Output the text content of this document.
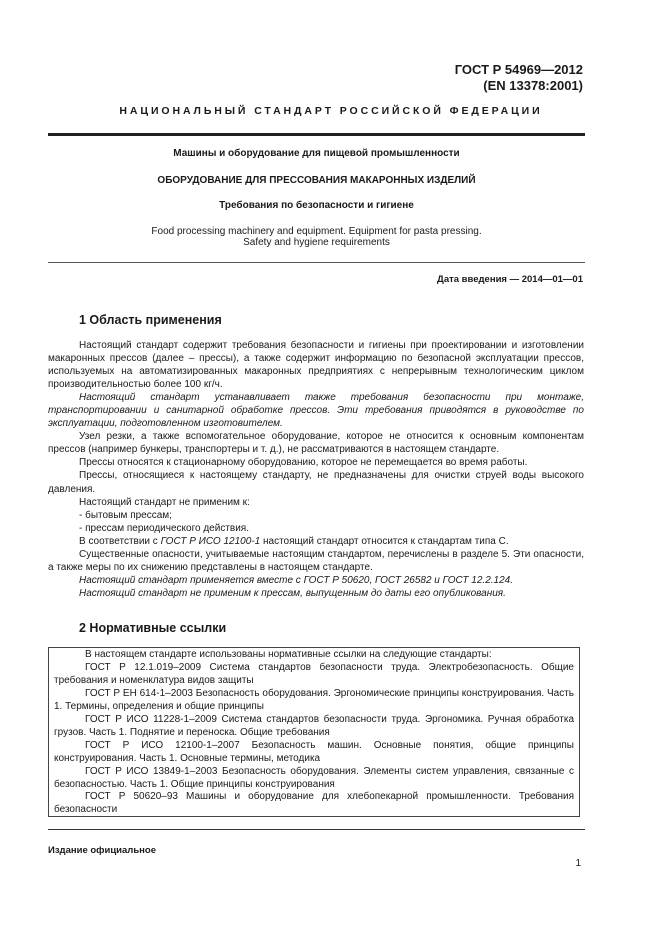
ГОСТ Р 54969—2012
(EN 13378:2001)
НАЦИОНАЛЬНЫЙ СТАНДАРТ РОССИЙСКОЙ ФЕДЕРАЦИИ
Машины и оборудование для пищевой промышленности
ОБОРУДОВАНИЕ ДЛЯ ПРЕССОВАНИЯ МАКАРОННЫХ ИЗДЕЛИЙ
Требования по безопасности и гигиене
Food processing machinery and equipment. Equipment for pasta pressing.
Safety and hygiene requirements
Дата введения — 2014—01—01
1 Область применения

Настоящий стандарт содержит требования безопасности и гигиены при проектировании и изготовлении макаронных прессов (далее – прессы), а также содержит информацию по безопасной эксплуатации прессов, используемых на автоматизированных макаронных предприятиях с непрерывным технологическим циклом производительностью более 100 кг/ч.

Настоящий стандарт устанавливает также требования безопасности при монтаже, транспортировании и санитарной обработке прессов. Эти требования приводятся в руководстве по эксплуатации, подготовленном изготовителем.

Узел резки, а также вспомогательное оборудование, которое не относится к основным компонентам прессов (например бункеры, транспортеры и т. д.), не рассматриваются в настоящем стандарте.

Прессы относятся к стационарному оборудованию, которое не перемещается во время работы.

Прессы, относящиеся к настоящему стандарту, не предназначены для очистки струей воды высокого давления.

Настоящий стандарт не применим к:

- бытовым прессам;

- прессам периодического действия.

В соответствии с ГОСТ Р ИСО 12100-1 настоящий стандарт относится к стандартам типа С.

Существенные опасности, учитываемые настоящим стандартом, перечислены в разделе 5. Эти опасности, а также меры по их снижению представлены в настоящем стандарте.

Настоящий стандарт применяется вместе с ГОСТ Р 50620, ГОСТ 26582 и ГОСТ 12.2.124.

Настоящий стандарт не применим к прессам, выпущенным до даты его опубликования.

2 Нормативные ссылки

В настоящем стандарте использованы нормативные ссылки на следующие стандарты:

ГОСТ Р 12.1.019–2009 Система стандартов безопасности труда. Электробезопасность. Общие требования и номенклатура видов защиты

ГОСТ Р ЕН 614-1–2003 Безопасность оборудования. Эргономические принципы конструирования. Часть 1. Термины, определения и общие принципы

ГОСТ Р ИСО 11228-1–2009 Система стандартов безопасности труда. Эргономика. Ручная обработка грузов. Часть 1. Поднятие и переноска. Общие требования

ГОСТ Р ИСО 12100-1–2007 Безопасность машин. Основные понятия, общие принципы конструирования. Часть 1. Основные термины, методика

ГОСТ Р ИСО 13849-1–2003 Безопасность оборудования. Элементы систем управления, связанные с безопасностью. Часть 1. Общие принципы конструирования

ГОСТ Р 50620–93 Машины и оборудование для хлебопекарной промышленности. Требования безопасности

Издание официальное
1
